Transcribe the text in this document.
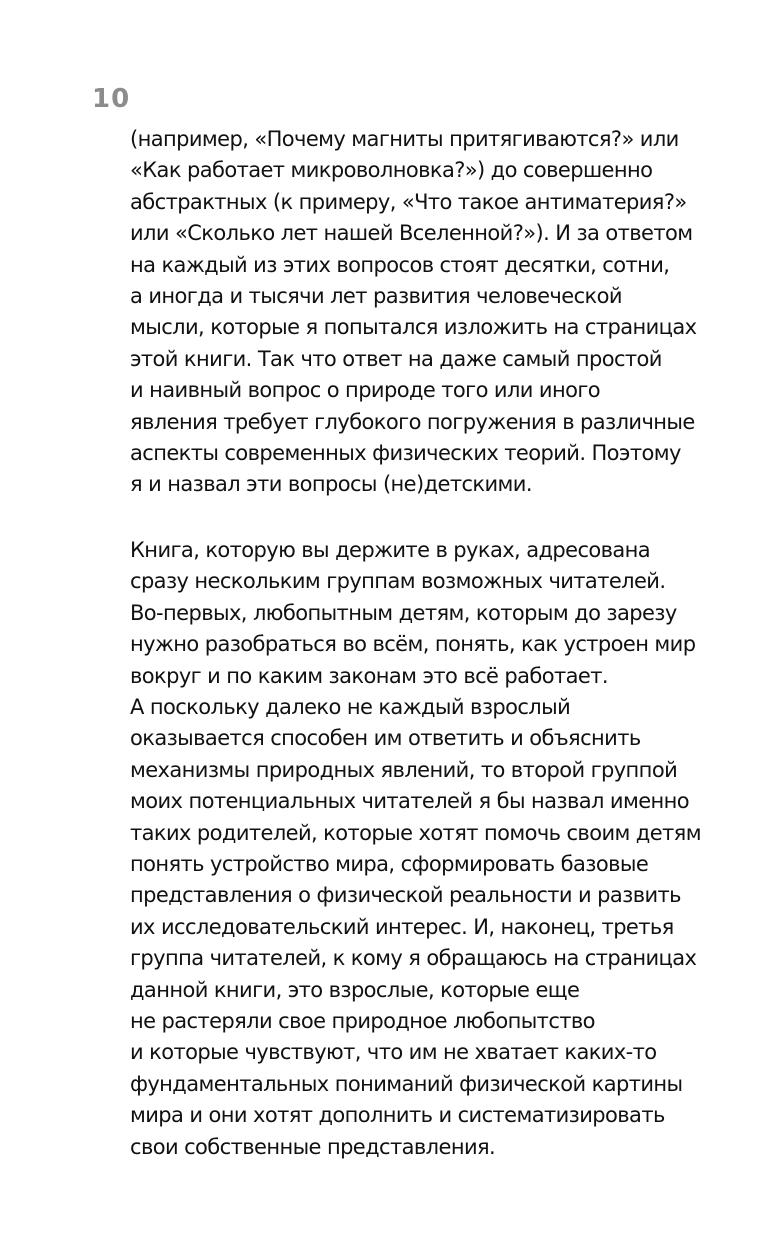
10
(например, «Почему магниты притягиваются?» или
«Как работает микроволновка?») до совершенно
абстрактных (к примеру, «Что такое антиматерия?»
или «Сколько лет нашей Вселенной?»). И за ответом
на каждый из этих вопросов стоят десятки, сотни,
а иногда и тысячи лет развития человеческой
мысли, которые я попытался изложить на страницах
этой книги. Так что ответ на даже самый простой
и наивный вопрос о природе того или иного
явления требует глубокого погружения в различные
аспекты современных физических теорий. Поэтому
я и назвал эти вопросы (не)детскими.
Книга, которую вы держите в руках, адресована
сразу нескольким группам возможных читателей.
Во-первых, любопытным детям, которым до зарезу
нужно разобраться во всём, понять, как устроен мир
вокруг и по каким законам это всё работает.
А поскольку далеко не каждый взрослый
оказывается способен им ответить и объяснить
механизмы природных явлений, то второй группой
моих потенциальных читателей я бы назвал именно
таких родителей, которые хотят помочь своим детям
понять устройство мира, сформировать базовые
представления о физической реальности и развить
их исследовательский интерес. И, наконец, третья
группа читателей, к кому я обращаюсь на страницах
данной книги, это взрослые, которые еще
не растеряли свое природное любопытство
и которые чувствуют, что им не хватает каких-то
фундаментальных пониманий физической картины
мира и они хотят дополнить и систематизировать
свои собственные представления.
